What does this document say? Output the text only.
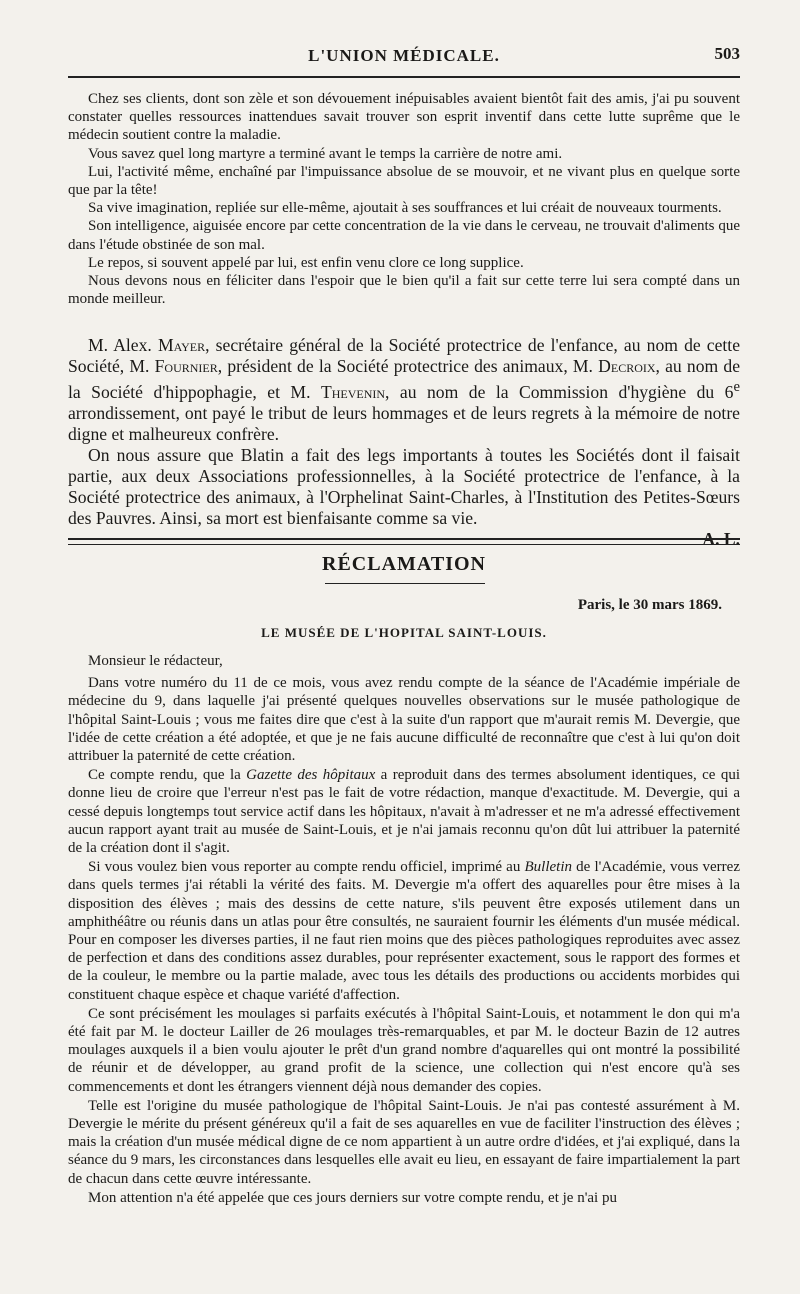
L'UNION MÉDICALE.	503

Chez ses clients, dont son zèle et son dévouement inépuisables avaient bientôt fait des amis, j'ai pu souvent constater quelles ressources inattendues savait trouver son esprit inventif dans cette lutte suprême que le médecin soutient contre la maladie.

Vous savez quel long martyre a terminé avant le temps la carrière de notre ami.

Lui, l'activité même, enchaîné par l'impuissance absolue de se mouvoir, et ne vivant plus en quelque sorte que par la tête!

Sa vive imagination, repliée sur elle-même, ajoutait à ses souffrances et lui créait de nouveaux tourments.

Son intelligence, aiguisée encore par cette concentration de la vie dans le cerveau, ne trouvait d'aliments que dans l'étude obstinée de son mal.

Le repos, si souvent appelé par lui, est enfin venu clore ce long supplice.

Nous devons nous en féliciter dans l'espoir que le bien qu'il a fait sur cette terre lui sera compté dans un monde meilleur.

M. Alex. Mayer, secrétaire général de la Société protectrice de l'enfance, au nom de cette Société, M. Fournier, président de la Société protectrice des animaux, M. Decroix, au nom de la Société d'hippophagie, et M. Thevenin, au nom de la Commission d'hygiène du 6e arrondissement, ont payé le tribut de leurs hommages et de leurs regrets à la mémoire de notre digne et malheureux confrère.

On nous assure que Blatin a fait des legs importants à toutes les Sociétés dont il faisait partie, aux deux Associations professionnelles, à la Société protectrice de l'enfance, à la Société protectrice des animaux, à l'Orphelinat Saint-Charles, à l'Institution des Petites-Sœurs des Pauvres. Ainsi, sa mort est bienfaisante comme sa vie.

A. L.
RÉCLAMATION
Paris, le 30 mars 1869.
LE MUSÉE DE L'HOPITAL SAINT-LOUIS.
Monsieur le rédacteur,

Dans votre numéro du 11 de ce mois, vous avez rendu compte de la séance de l'Académie impériale de médecine du 9, dans laquelle j'ai présenté quelques nouvelles observations sur le musée pathologique de l'hôpital Saint-Louis ; vous me faites dire que c'est à la suite d'un rapport que m'aurait remis M. Devergie, que l'idée de cette création a été adoptée, et que je ne fais aucune difficulté de reconnaître que c'est à lui qu'on doit attribuer la paternité de cette création.

Ce compte rendu, que la Gazette des hôpitaux a reproduit dans des termes absolument identiques, ce qui donne lieu de croire que l'erreur n'est pas le fait de votre rédaction, manque d'exactitude. M. Devergie, qui a cessé depuis longtemps tout service actif dans les hôpitaux, n'avait à m'adresser et ne m'a adressé effectivement aucun rapport ayant trait au musée de Saint-Louis, et je n'ai jamais reconnu qu'on dût lui attribuer la paternité de la création dont il s'agit.

Si vous voulez bien vous reporter au compte rendu officiel, imprimé au Bulletin de l'Académie, vous verrez dans quels termes j'ai rétabli la vérité des faits. M. Devergie m'a offert des aquarelles pour être mises à la disposition des élèves ; mais des dessins de cette nature, s'ils peuvent être exposés utilement dans un amphithéâtre ou réunis dans un atlas pour être consultés, ne sauraient fournir les éléments d'un musée médical. Pour en composer les diverses parties, il ne faut rien moins que des pièces pathologiques reproduites avec assez de perfection et dans des conditions assez durables, pour représenter exactement, sous le rapport des formes et de la couleur, le membre ou la partie malade, avec tous les détails des productions ou accidents morbides qui constituent chaque espèce et chaque variété d'affection.

Ce sont précisément les moulages si parfaits exécutés à l'hôpital Saint-Louis, et notamment le don qui m'a été fait par M. le docteur Lailler de 26 moulages très-remarquables, et par M. le docteur Bazin de 12 autres moulages auxquels il a bien voulu ajouter le prêt d'un grand nombre d'aquarelles qui ont montré la possibilité de réunir et de développer, au grand profit de la science, une collection qui n'est encore qu'à ses commencements et dont les étrangers viennent déjà nous demander des copies.

Telle est l'origine du musée pathologique de l'hôpital Saint-Louis. Je n'ai pas contesté assurément à M. Devergie le mérite du présent généreux qu'il a fait de ses aquarelles en vue de faciliter l'instruction des élèves ; mais la création d'un musée médical digne de ce nom appartient à un autre ordre d'idées, et j'ai expliqué, dans la séance du 9 mars, les circonstances dans lesquelles elle avait eu lieu, en essayant de faire impartialement la part de chacun dans cette œuvre intéressante.

Mon attention n'a été appelée que ces jours derniers sur votre compte rendu, et je n'ai pu
